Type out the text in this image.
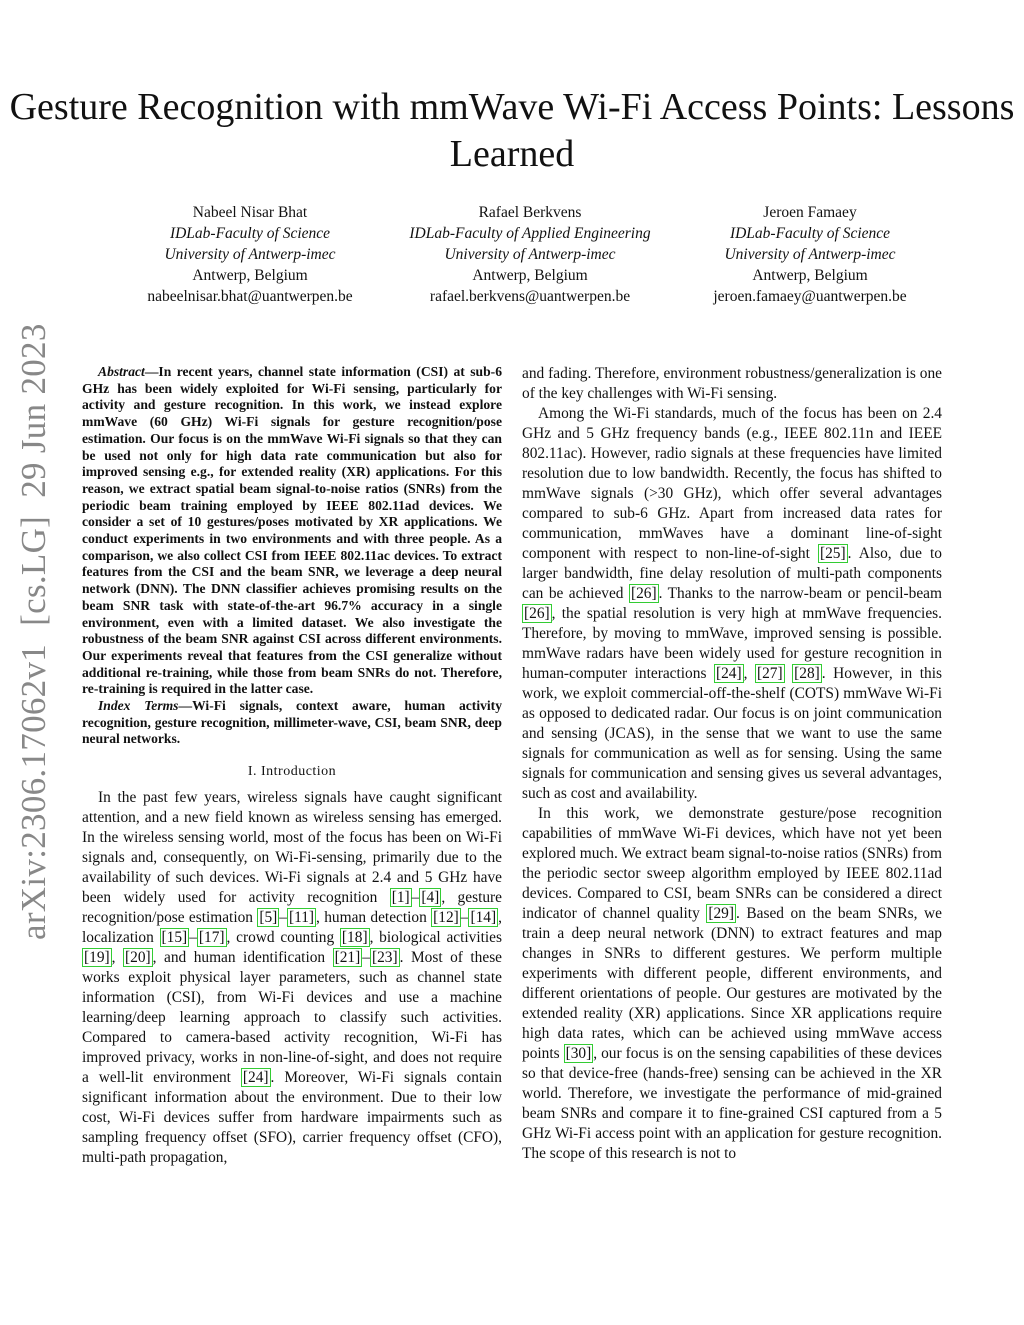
Gesture Recognition with mmWave Wi-Fi Access Points: Lessons Learned
Nabeel Nisar Bhat
IDLab-Faculty of Science
University of Antwerp-imec
Antwerp, Belgium
nabeelnisar.bhat@uantwerpen.be
Rafael Berkvens
IDLab-Faculty of Applied Engineering
University of Antwerp-imec
Antwerp, Belgium
rafael.berkvens@uantwerpen.be
Jeroen Famaey
IDLab-Faculty of Science
University of Antwerp-imec
Antwerp, Belgium
jeroen.famaey@uantwerpen.be
arXiv:2306.17062v1  [cs.LG]  29 Jun 2023	Abstract—In recent years, channel state information (CSI) at sub-6 GHz has been widely exploited for Wi-Fi sensing, particularly for activity and gesture recognition. In this work, we instead explore mmWave (60 GHz) Wi-Fi signals for gesture recognition/pose estimation. Our focus is on the mmWave Wi-Fi signals so that they can be used not only for high data rate communication but also for improved sensing e.g., for extended reality (XR) applications. For this reason, we extract spatial beam signal-to-noise ratios (SNRs) from the periodic beam training employed by IEEE 802.11ad devices. We consider a set of 10 gestures/poses motivated by XR applications. We conduct experiments in two environments and with three people. As a comparison, we also collect CSI from IEEE 802.11ac devices. To extract features from the CSI and the beam SNR, we leverage a deep neural network (DNN). The DNN classifier achieves promising results on the beam SNR task with state-of-the-art 96.7% accuracy in a single environment, even with a limited dataset. We also investigate the robustness of the beam SNR against CSI across different environments. Our experiments reveal that features from the CSI generalize without additional re-training, while those from beam SNRs do not. Therefore, re-training is required in the latter case.

Index Terms—Wi-Fi signals, context aware, human activity recognition, gesture recognition, millimeter-wave, CSI, beam SNR, deep neural networks.

I. Introduction

In the past few years, wireless signals have caught significant attention, and a new field known as wireless sensing has emerged. In the wireless sensing world, most of the focus has been on Wi-Fi signals and, consequently, on Wi-Fi-sensing, primarily due to the availability of such devices. Wi-Fi signals at 2.4 and 5 GHz have been widely used for activity recognition [1] – [4] , gesture recognition/pose estimation [5] – [11] , human detection [12] – [14] , localization [15] – [17] , crowd counting [18] , biological activities [19] , [20] , and human identification [21] – [23] . Most of these works exploit physical layer parameters, such as channel state information (CSI), from Wi-Fi devices and use a machine learning/deep learning approach to classify such activities. Compared to camera-based activity recognition, Wi-Fi has improved privacy, works in non-line-of-sight, and does not require a well-lit environment [24] . Moreover, Wi-Fi signals contain significant information about the environment. Due to their low cost, Wi-Fi devices suffer from hardware impairments such as sampling frequency offset (SFO), carrier frequency offset (CFO), multi-path propagation,

and fading. Therefore, environment robustness/generalization is one of the key challenges with Wi-Fi sensing.

Among the Wi-Fi standards, much of the focus has been on 2.4 GHz and 5 GHz frequency bands (e.g., IEEE 802.11n and IEEE 802.11ac). However, radio signals at these frequencies have limited resolution due to low bandwidth. Recently, the focus has shifted to mmWave signals (>30 GHz), which offer several advantages compared to sub-6 GHz. Apart from increased data rates for communication, mmWaves have a dominant line-of-sight component with respect to non-line-of-sight [25] . Also, due to larger bandwidth, fine delay resolution of multi-path components can be achieved [26] . Thanks to the narrow-beam or pencil-beam [26] , the spatial resolution is very high at mmWave frequencies. Therefore, by moving to mmWave, improved sensing is possible. mmWave radars have been widely used for gesture recognition in human-computer interactions [24] , [27] [28] . However, in this work, we exploit commercial-off-the-shelf (COTS) mmWave Wi-Fi as opposed to dedicated radar. Our focus is on joint communication and sensing (JCAS), in the sense that we want to use the same signals for communication as well as for sensing. Using the same signals for communication and sensing gives us several advantages, such as cost and availability.

In this work, we demonstrate gesture/pose recognition capabilities of mmWave Wi-Fi devices, which have not yet been explored much. We extract beam signal-to-noise ratios (SNRs) from the periodic sector sweep algorithm employed by IEEE 802.11ad devices. Compared to CSI, beam SNRs can be considered a direct indicator of channel quality [29] . Based on the beam SNRs, we train a deep neural network (DNN) to extract features and map changes in SNRs to different gestures. We perform multiple experiments with different people, different environments, and different orientations of people. Our gestures are motivated by the extended reality (XR) applications. Since XR applications require high data rates, which can be achieved using mmWave access points [30] , our focus is on the sensing capabilities of these devices so that device-free (hands-free) sensing can be achieved in the XR world. Therefore, we investigate the performance of mid-grained beam SNRs and compare it to fine-grained CSI captured from a 5 GHz Wi-Fi access point with an application for gesture recognition. The scope of this research is not to
